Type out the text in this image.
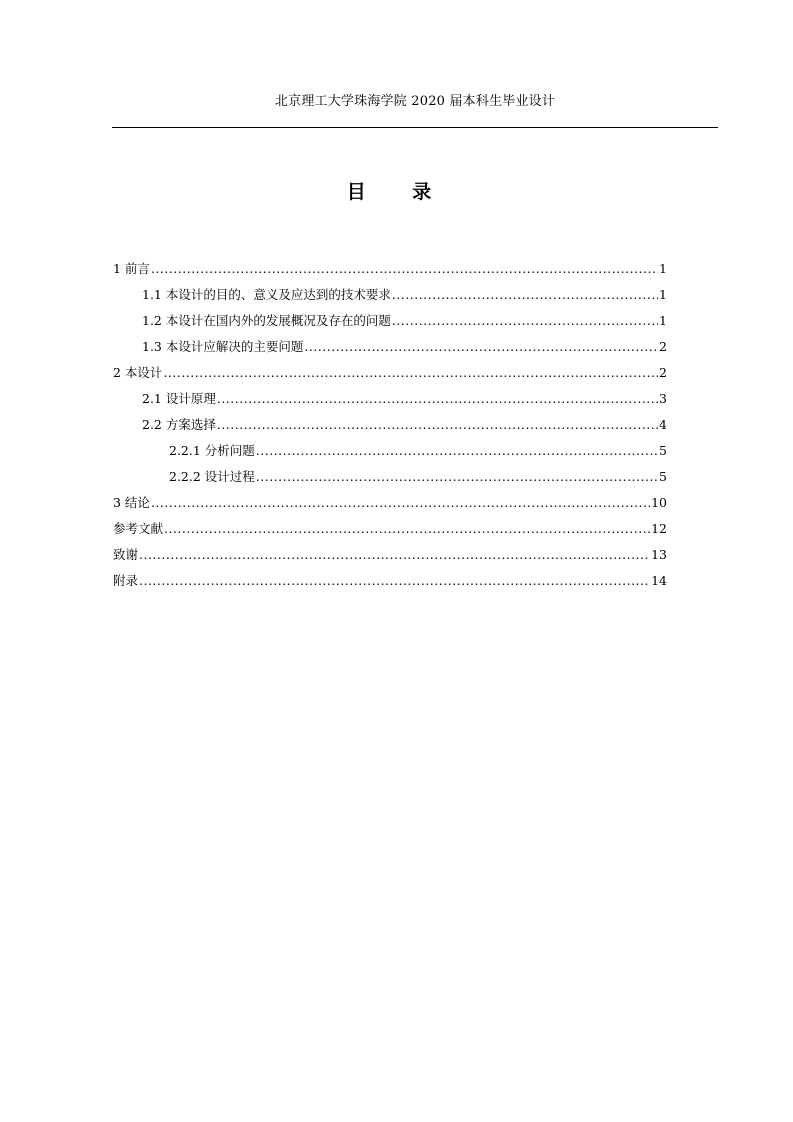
北京理工大学珠海学院 2020 届本科生毕业设计
目 录
1 前言 .....	1
1.1 本设计的目的、意义及应达到的技术要求 .....	1
1.2 本设计在国内外的发展概况及存在的问题 .....	1
1.3 本设计应解决的主要问题 .....	2
2 本设计 .....	2
2.1 设计原理 .....	3
2.2 方案选择 .....	4
2.2.1 分析问题 .....	5
2.2.2 设计过程 .....	5
3 结论 .....	10
参考文献 .....	12
致谢 .....	13
附录 .....	14
